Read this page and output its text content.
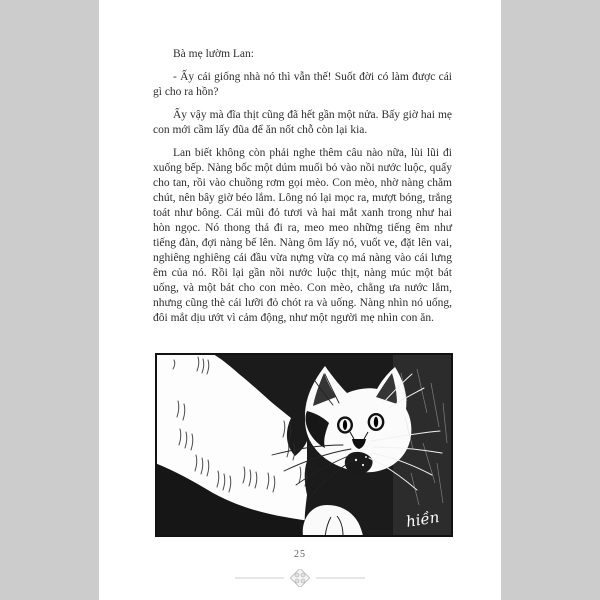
Bà mẹ lườm Lan:

- Ấy cái giống nhà nó thì vẫn thế! Suốt đời có làm được cái gì cho ra hồn?

Ấy vậy mà đĩa thịt cũng đã hết gần một nửa. Bấy giờ hai mẹ con mới cầm lấy đũa để ăn nốt chỗ còn lại kia.

Lan biết không còn phải nghe thêm câu nào nữa, lùi lũi đi xuống bếp. Nàng bốc một dúm muối bỏ vào nồi nước luộc, quấy cho tan, rồi vào chuồng rơm gọi mèo. Con mèo, nhờ nàng chăm chút, nên bây giờ béo lắm. Lông nó lại mọc ra, mượt bóng, trắng toát như bông. Cái mũi đỏ tươi và hai mắt xanh trong như hai hòn ngọc. Nó thong thả đi ra, meo meo những tiếng êm như tiếng đàn, đợi nàng bế lên. Nàng ôm lấy nó, vuốt ve, đặt lên vai, nghiêng nghiêng cái đầu vừa nựng vừa cọ má nàng vào cái lưng êm của nó. Rồi lại gần nồi nước luộc thịt, nàng múc một bát uống, và một bát cho con mèo. Con mèo, chẳng ưa nước lắm, nhưng cũng thè cái lưỡi đỏ chót ra và uống. Nàng nhìn nó uống, đôi mắt dịu ướt vì cảm động, như một người mẹ nhìn con ăn.

hiền
25
